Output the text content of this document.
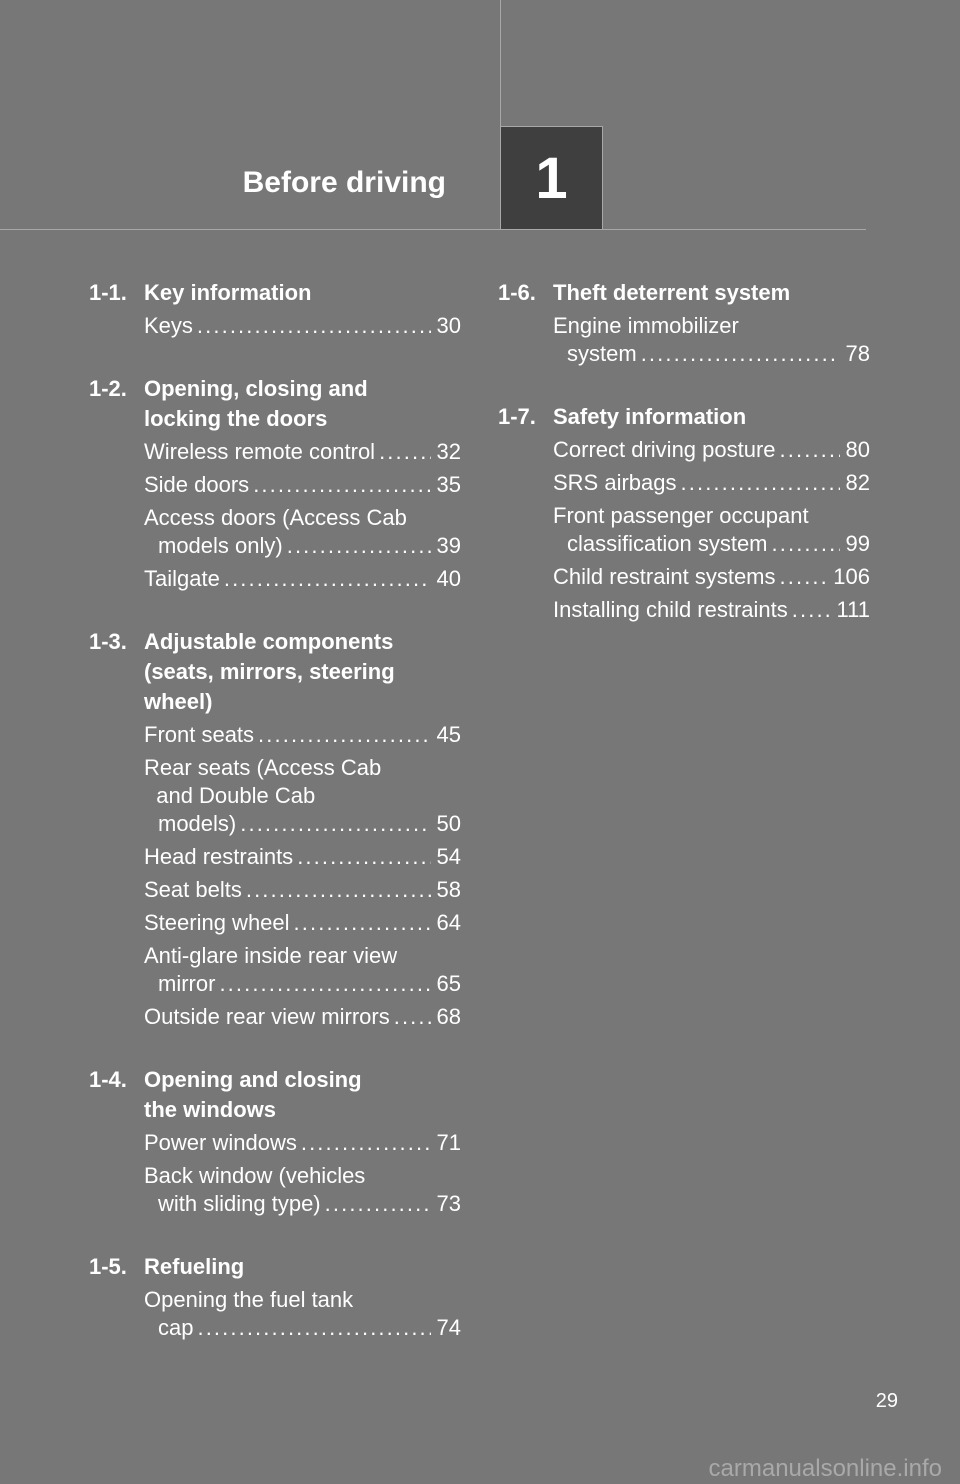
Before driving	1
1-1. Key information
Keys . . .	30
1-2. Opening, closing and
locking the doors
Wireless remote control . . .	32
Side doors . . .	35
Access doors (Access Cab
models only) . . .	39
Tailgate . . .	40
1-3. Adjustable components
(seats, mirrors, steering
wheel)
Front seats . . .	45
Rear seats (Access Cab
and Double Cab
models) . . .	50
Head restraints . . .	54
Seat belts . . .	58
Steering wheel . . .	64
Anti-glare inside rear view
mirror . . .	65
Outside rear view mirrors . . . 68
1-4. Opening and closing
the windows
Power windows . . .	71
Back window (vehicles
with sliding type) . . .	73
1-5. Refueling
Opening the fuel tank
cap . . .	74
1-6. Theft deterrent system
Engine immobilizer
system . . .	78
1-7. Safety information
Correct driving posture . . .	80
SRS airbags . . .	82
Front passenger occupant
classification system . . .	99
Child restraint systems . . .	106
Installing child restraints . . . 111
29
carmanualsonline.info
